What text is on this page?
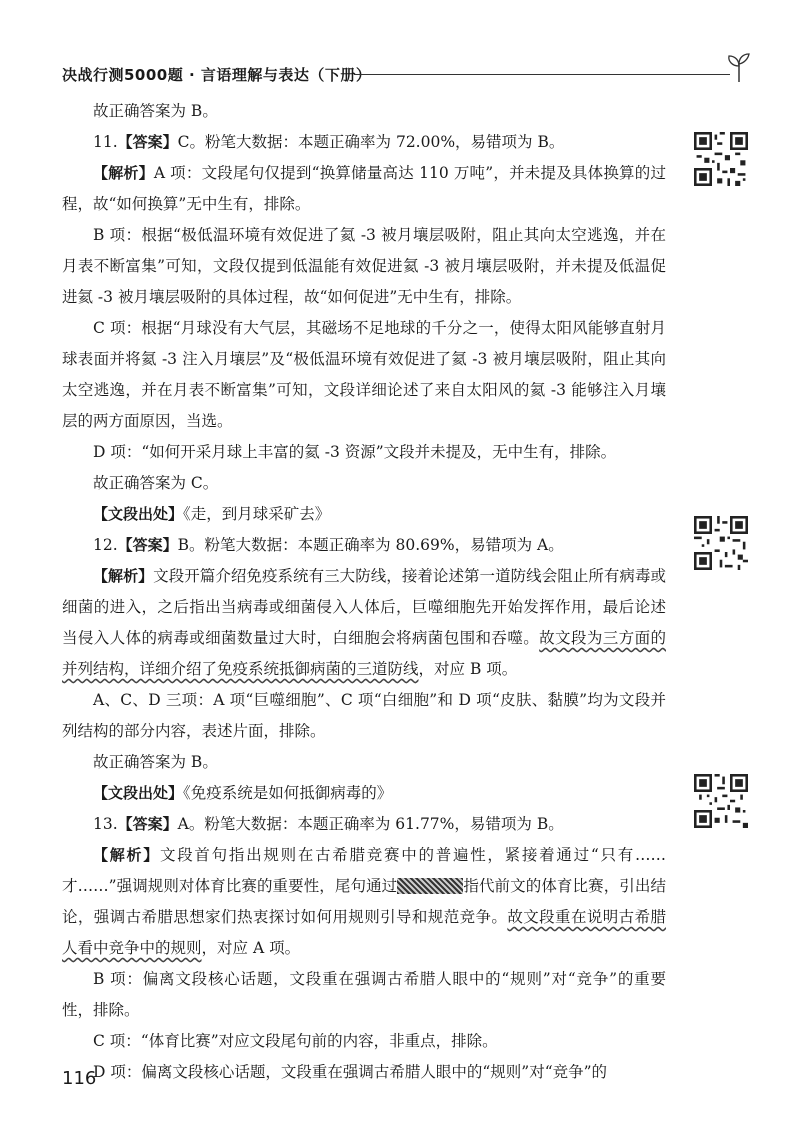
决战行测5000题 · 言语理解与表达（下册）

故正确答案为 B。

11.【答案】C。粉笔大数据：本题正确率为 72.00%，易错项为 B。

【解析】A 项：文段尾句仅提到“换算储量高达 110 万吨”，并未提及具体换算的过程，故“如何换算”无中生有，排除。

B 项：根据“极低温环境有效促进了氦 -3 被月壤层吸附，阻止其向太空逃逸，并在月表不断富集”可知，文段仅提到低温能有效促进氦 -3 被月壤层吸附，并未提及低温促进氦 -3 被月壤层吸附的具体过程，故“如何促进”无中生有，排除。

C 项：根据“月球没有大气层，其磁场不足地球的千分之一，使得太阳风能够直射月球表面并将氦 -3 注入月壤层”及“极低温环境有效促进了氦 -3 被月壤层吸附，阻止其向太空逃逸，并在月表不断富集”可知，文段详细论述了来自太阳风的氦 -3 能够注入月壤层的两方面原因，当选。

D 项：“如何开采月球上丰富的氦 -3 资源”文段并未提及，无中生有，排除。

故正确答案为 C。

【文段出处】《走，到月球采矿去》

12.【答案】B。粉笔大数据：本题正确率为 80.69%，易错项为 A。

【解析】文段开篇介绍免疫系统有三大防线，接着论述第一道防线会阻止所有病毒或细菌的进入，之后指出当病毒或细菌侵入人体后，巨噬细胞先开始发挥作用，最后论述当侵入人体的病毒或细菌数量过大时，白细胞会将病菌包围和吞噬。故文段为三方面的并列结构，详细介绍了免疫系统抵御病菌的三道防线，对应 B 项。

A、C、D 三项：A 项“巨噬细胞”、C 项“白细胞”和 D 项“皮肤、黏膜”均为文段并列结构的部分内容，表述片面，排除。

故正确答案为 B。

【文段出处】《免疫系统是如何抵御病毒的》

13.【答案】A。粉笔大数据：本题正确率为 61.77%，易错项为 B。

【解析】文段首句指出规则在古希腊竞赛中的普遍性，紧接着通过“只有……才……”强调规则对体育比赛的重要性，尾句通过	指代前文的体育比赛，引出结论，强调古希腊思想家们热衷探讨如何用规则引导和规范竞争。故文段重在说明古希腊人看中竞争中的规则，对应 A 项。

B 项：偏离文段核心话题，文段重在强调古希腊人眼中的“规则”对“竞争”的重要性，排除。

C 项：“体育比赛”对应文段尾句前的内容，非重点，排除。

D 项：偏离文段核心话题，文段重在强调古希腊人眼中的“规则”对“竞争”的

116
